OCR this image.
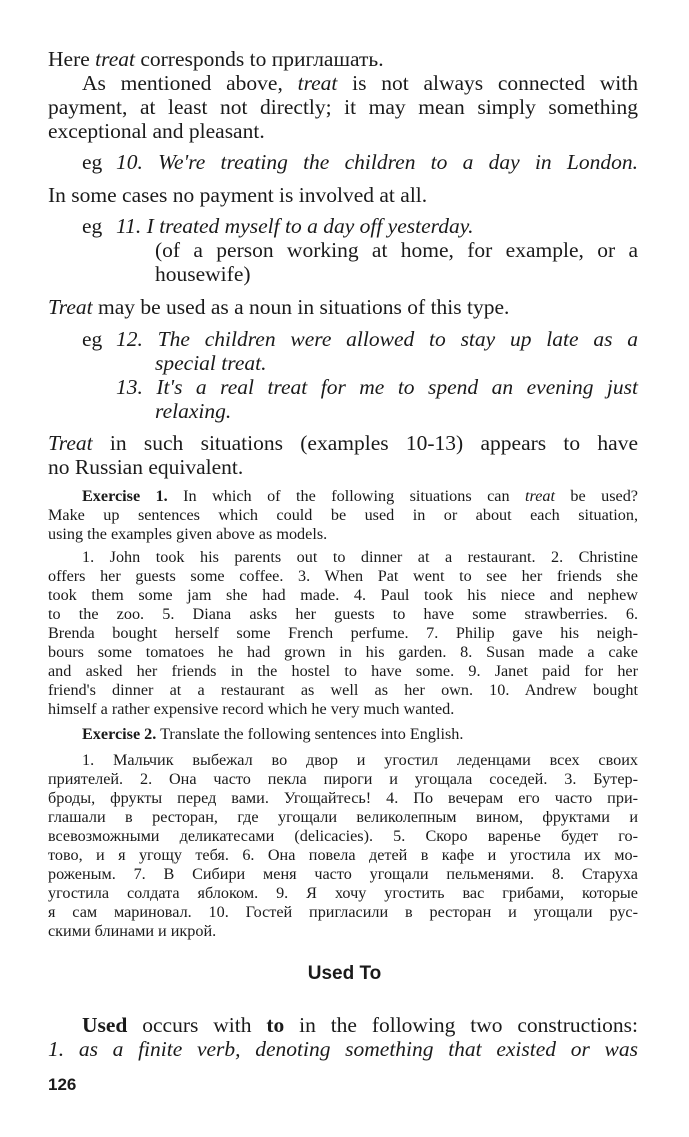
Here treat corresponds to приглашать.

As mentioned above, treat is not always connected with

payment, at least not directly; it may mean simply something

exceptional and pleasant.

eg 10. We're treating the children to a day in London.

In some cases no payment is involved at all.

eg 11. I treated myself to a day off yesterday.

(of a person working at home, for example, or a

housewife)

Treat may be used as a noun in situations of this type.

eg 12. The children were allowed to stay up late as a

special treat.

13. It's a real treat for me to spend an evening just

relaxing.

Treat in such situations (examples 10-13) appears to have

no Russian equivalent.

Exercise 1. In which of the following situations can treat be used?

Make up sentences which could be used in or about each situation,

using the examples given above as models.

1. John took his parents out to dinner at a restaurant. 2. Christine

offers her guests some coffee. 3. When Pat went to see her friends she

took them some jam she had made. 4. Paul took his niece and nephew

to the zoo. 5. Diana asks her guests to have some strawberries. 6.

Brenda bought herself some French perfume. 7. Philip gave his neigh-

bours some tomatoes he had grown in his garden. 8. Susan made a cake

and asked her friends in the hostel to have some. 9. Janet paid for her

friend's dinner at a restaurant as well as her own. 10. Andrew bought

himself a rather expensive record which he very much wanted.

Exercise 2. Translate the following sentences into English.

1. Мальчик выбежал во двор и угостил леденцами всех своих

приятелей. 2. Она часто пекла пироги и угощала соседей. 3. Бутер-

броды, фрукты перед вами. Угощайтесь! 4. По вечерам его часто при-

глашали в ресторан, где угощали великолепным вином, фруктами и

всевозможными деликатесами (delicacies). 5. Скоро варенье будет го-

тово, и я угощу тебя. 6. Она повела детей в кафе и угостила их мо-

роженым. 7. В Сибири меня часто угощали пельменями. 8. Старуха

угостила солдата яблоком. 9. Я хочу угостить вас грибами, которые

я сам мариновал. 10. Гостей пригласили в ресторан и угощали рус-

скими блинами и икрой.

Used To

Used occurs with to in the following two constructions:

1. as a finite verb, denoting something that existed or was

126
